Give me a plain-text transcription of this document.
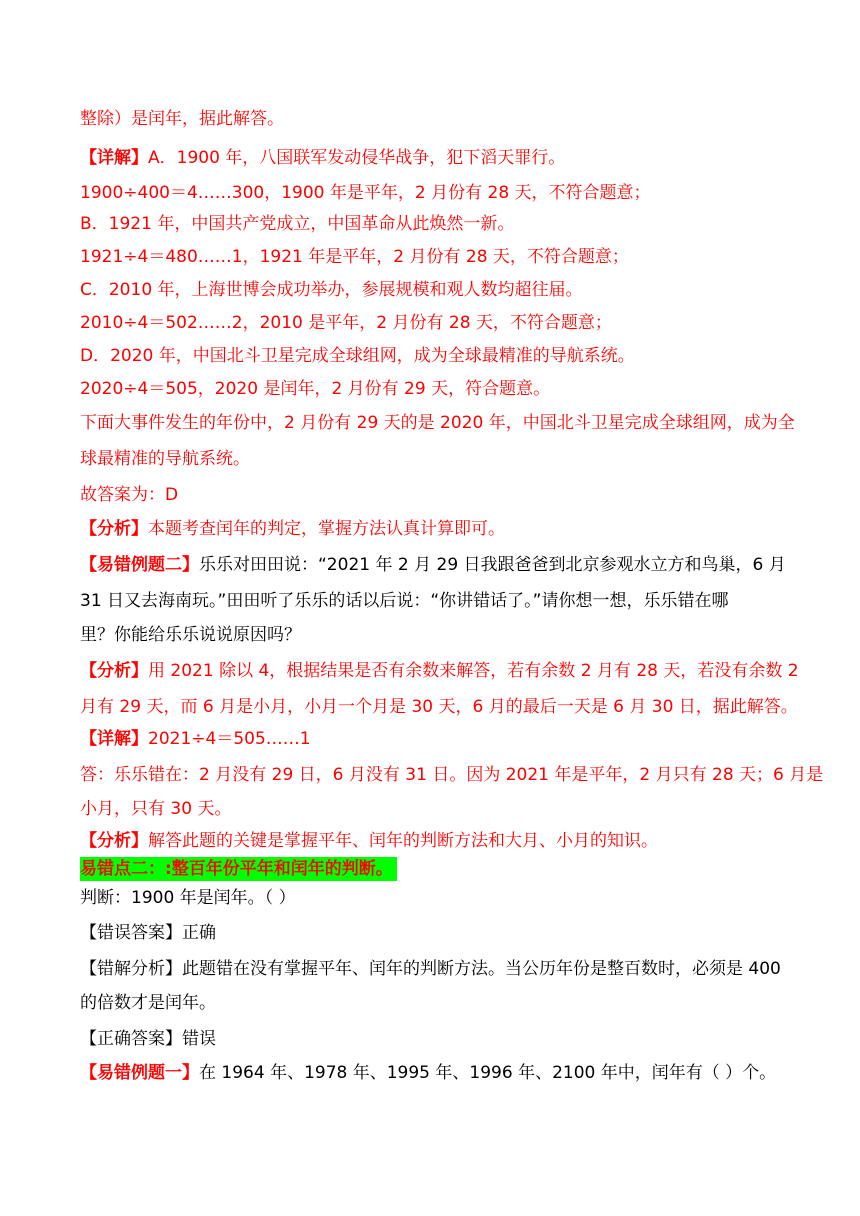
整除）是闰年，据此解答。
【详解】A．1900 年，八国联军发动侵华战争，犯下滔天罪行。
1900÷400＝4……300，1900 年是平年，2 月份有 28 天，不符合题意；
B．1921 年，中国共产党成立，中国革命从此焕然一新。
1921÷4＝480……1，1921 年是平年，2 月份有 28 天，不符合题意；
C．2010 年，上海世博会成功举办，参展规模和观人数均超往届。
2010÷4＝502……2，2010 是平年，2 月份有 28 天，不符合题意；
D．2020 年，中国北斗卫星完成全球组网，成为全球最精准的导航系统。
2020÷4＝505，2020 是闰年，2 月份有 29 天，符合题意。
下面大事件发生的年份中，2 月份有 29 天的是 2020 年，中国北斗卫星完成全球组网，成为全
球最精准的导航系统。
故答案为：D
【分析】本题考查闰年的判定，掌握方法认真计算即可。
【易错例题二】乐乐对田田说：“2021 年 2 月 29 日我跟爸爸到北京参观水立方和鸟巢，6 月
31 日又去海南玩。”田田听了乐乐的话以后说：“你讲错话了。”请你想一想，乐乐错在哪
里？你能给乐乐说说原因吗？
【分析】用 2021 除以 4，根据结果是否有余数来解答，若有余数 2 月有 28 天，若没有余数 2
月有 29 天，而 6 月是小月，小月一个月是 30 天，6 月的最后一天是 6 月 30 日，据此解答。
【详解】2021÷4＝505……1
答：乐乐错在：2 月没有 29 日，6 月没有 31 日。因为 2021 年是平年，2 月只有 28 天；6 月是
小月，只有 30 天。
【分析】解答此题的关键是掌握平年、闰年的判断方法和大月、小月的知识。
易错点二：:整百年份平年和闰年的判断。
判断：1900 年是闰年。（ ）
【错误答案】正确
【错解分析】此题错在没有掌握平年、闰年的判断方法。当公历年份是整百数时，必须是 400
的倍数才是闰年。
【正确答案】错误
【易错例题一】在 1964 年、1978 年、1995 年、1996 年、2100 年中，闰年有（ ）个。
